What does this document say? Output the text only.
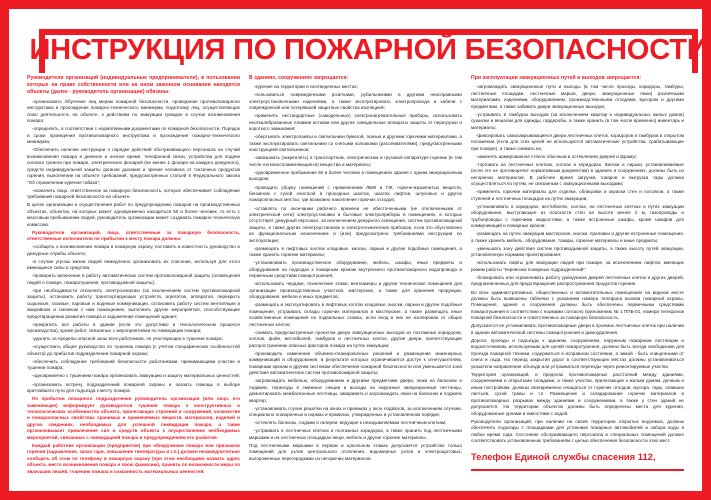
ИНСТРУКЦИЯ ПО ПОЖАРНОЙ БЕЗОПАСНОСТИ
Руководители организаций (индивидуальные предприниматели), в пользовании которых на праве собственности или на ином законном основании находятся объекты (далее - руководитель организации) обязаны:

-организовать Обучение лиц мерам пожарной безопасности, проведение противопожарного инструктажа и прохождение пожарно-технического минимума, подготовку лиц, осуществляющих свою деятельность на объекте, к действиям по эвакуации граждан в случае возникновения пожара;

-определить, в соответствии с нормативными документами по пожарной безопасности, Порядок и сроки проведения противопожарного инструктажа и прохождения пожарно-технического минимума;

-Обеспечить наличие инструкции о порядке действий обслуживающего персонала на случай возникновения пожара в дневное и ночное время, телефонной связи, устройства для подачи сигнала тревоги при пожаре, электрических фонарей (не менее 1 фонаря на каждого дежурного), средств индивидуальной защиты органов дыхания и зрения человека от токсичных продуктов горения, выполнение на объекте требований, предусмотренных статьей 6 Федерального закона "Об ограничении курения табака";

-назначить лицо, ответственное за пожарную безопасность, которое обеспечивает соблюдение требований пожарной безопасности на объекте.

В целях организации и осуществления работ по предупреждению пожаров на производственных объектах, объектах, на которых может одновременно находиться 50 и более человек, то есть с массовым пребыванием людей, руководитель организации может создавать пожарно-техническую комиссию.

Руководители организаций, лица, ответственные за пожарную безопасность, ответственные исполнители по прибытии к месту пожара должны:

-сообщить о возникновении пожара в пожарную охрану, поставить в известность руководство и дежурные службы объекта;

-в случае угрозы жизни людей немедленно организовать их спасение, используя для этого имеющиеся силы и средства;

-проверить включение в работу автоматических систем противопожарной защиты (оповещения людей о пожаре, пожаротушения, противодымной защиты);

-при необходимости отключить электроэнергию (за исключением систем противопожарной защиты), остановить работу транспортирующих устройств, агрегатов, аппаратов, перекрыть сырьевые, газовые, паровые и водяные коммуникации, остановить работу систем вентиляции в аварийном и смежном с ним помещениях, выполнить другие мероприятия, способствующие предотвращению развития пожара и задымления помещений здания;

-прекратить все работы в здании (если это допустимо в технологическом процессе производства), кроме работ, связанных с мероприятиями по ликвидации пожара;

-удалить за пределы опасной зоны всех работников, не участвующих в тушении пожара;

-осуществить общее руководство по тушению пожара (с учетом специфических особенностей объекта) до прибытия подразделения пожарной охраны;

-обеспечить соблюдение требований безопасности работниками, принимающими участие в тушении пожара;

-одновременно с тушением пожара организовать эвакуацию и защиту материальных ценностей;

-организовать встречу подразделений пожарной охраны и оказать помощь в выборе кратчайшего пути для подъезда к месту пожара.

По прибытии пожарного подразделения руководитель организации (или лицо, его заменяющее) информирует руководителя тушения пожара о конструктивных и технологических особенностях объекта, прилегающих строений и сооружений, количестве и пожароопасных свойствах хранимых и применяемых веществ, материалов, изделий и других сведениях, необходимых для успешной ликвидации пожара, а также организовывает привлечение сил и средств объекта к осуществлению необходимых мероприятий, связанных с ликвидацией пожара и предупреждением его развития.

Каждый работник организации (предприятия) при обнаружении пожара или признаков горения (задымление, запах гари, повышение температуры и т.п.) должен незамедлительно сообщить об этом по телефону в пожарную охрану (при этом необходимо назвать адрес объекта, место возникновения пожара и свою фамилию), принять по возможности меры по эвакуации людей, тушению пожара и сохранность материальных ценностей.

В зданиях, сооружениях запрещается:

-курение на территории в неотведенных местах;

-пользоваться поврежденными розетками, рубильниками и другими неисправными электроустановочными изделиями, а также эксплуатировать электропровода и кабели с поврежденной или потерявшей защитные свойства изоляцией;

-применять нестандартные (самодельные) электронагревательные приборы, использовать неоткалиброванные плавкие вставки или другие самодельные аппараты защиты от перегрузки и короткого замыкания;

-обертывать электролампы и светильники бумагой, тканью и другими горючими материалами, а также эксплуатировать светильники со снятыми колпаками (рассеивателями), предусмотренными конструкцией светильников;

-завязывать (закреплять) в транспортном, электрическом и грузовой аппаратуре горение (в том числе легковоспламеняющиеся) вещества и материалы;

-одновременное пребывание 50 и более человек в помещениях здания с одним эвакуационным выходом;

-проводить уборку помещений с применением ЛВЖ и ГЖ, горюче-взрывчатых веществ, бензином с сухой очисткой в проходных шахтах, шахтах лифтов, шлуховых и других пожароопасных местах, где возможно накопление горючих отходов;

-оставлять по окончании рабочего времени не обесточенными (не отключенными от электрической сети) электроустановки и бытовые электроприборы в помещениях, в которых отсутствует дежурный персонал, за исключением дежурного освещения, систем противопожарной защиты, а также других электроустановок и электротехнических приборов, если это обусловлено их функциональным назначением и (или) предусмотрено требованиями инструкции по эксплуатации;

-размещать в лифтовых холлах кладовые, киоски, ларьки и другие подобные помещения, а также хранить горючие материалы;

-устанавливать производственное оборудование, мебель, шкафы, иные предметы и оборудование на подходах к пожарным кранам внутреннего противопожарного водопровода и первичным средствам пожаротушения;

-использовать чердаки, технические этажи, венткамеры и другие технические помещения для организации производственных участков, мастерских, а также для хранения продукции, оборудования, мебели и иных предметов;

-размещать и эксплуатировать в лифтовых холлах кладовые, киоски, ларьки и другие подобные помещения, устраивать склады горючих материалов и мастерские, а также размещать иные хозяйственные помещения на подвальных этажах, если вход в них не изолирован от общих лестничных клеток;

-снимать предусмотренные проектом двери эвакуационных выходов из поэтажных коридоров, холлов, фойе, вестибюлей, тамбуров и лестничных клеток, другие двери, препятствующие распространению опасных факторов пожара на путях эвакуации;

-производить изменение объемно-планировочных решений и размещение инженерных коммуникаций и оборудования, в результате которых ограничивается доступ к огнетушителям, пожарным кранам и другим системам обеспечения пожарной безопасности или уменьшается зона действия автоматических систем противопожарной защиты;

-загромождать мебелью, оборудованием и другими предметами двери, люки на балконах и лоджиях, переходы в смежные секции и выходы на наружные эвакуационные лестницы, демонтировать межбалконные лестницы, заваривать и загромождать люки на балконах и лоджиях квартир;

-устанавливать глухие решетки на окнах и приямках у окон подвалов, за исключением случаев, специально оговоренных в нормах и правилах, утвержденных в установленном порядке;

-остеклять балконы, лоджии и галереи, ведущие к незадымляемым лестничным клеткам;

-устраивать в лестничных клетках и поэтажных коридорах, а также хранить под лестничными маршами и на лестничных площадках вещи, мебель и другие горючие материалы.

Под лестничными маршами в первом и цокольном этажах допускается устройство только помещений для узлов центрального отопления, водомерных узлов и электрощитовых, выгороженных перегородками из негорючих материалов.

При эксплуатации эвакуационных путей и выходов запрещается:

-загромождать эвакуационные пути и выходы (в том числе проходы, коридоры, тамбуры, лестничные площадки, лестничные марши, двери, эвакуационные люки) различными материалами, изделиями, оборудованием, производственными отходами, мусором и другими предметами, а также забивать двери эвакуационных выходов;

-устраивать в тамбурах выходов (за исключением квартир и индивидуальных жилых домов) сушилки и вешалки для одежды, гардеробы, а также хранить (в том числе временно) инвентарь и материалы;

-фиксировать самозакрывающиеся двери лестничных клеток, коридоров и тамбуров в открытом положении (если для этих целей не используются автоматические устройства, срабатывающие при пожаре), а также снимать их;

-заменять армированное стекло обычным в остеклениях дверей и фрамуг;

-торговать на лестничных клетках, холлах и коридорах. Киоски и ларьки, устанавливаемые (если это не противоречит нормативным документам) в зданиях и сооружениях, должны быть из негорючих материалов. В рабочее время загрузка товаров и выгрузка тары должна осуществляться по путям, не связанным с эвакуационными выходами;

-применять горючие материалы для отделки, облицовки и окраски стен и потолков, а также ступеней и лестничных площадок на путях эвакуации;

-устанавливать в коридорах, вестибюлях, холлах, на лестничных клетках и путях эвакуации оборудование, выступающее из плоскости стен на высоте менее 2 м, газопроводы и трубопроводы с горючими жидкостями, а также встроенные шкафы, кроме шкафов для коммуникаций и пожарных кранов;

-размещать на путях эвакуации мастерские, киоски, прилавки и другие встроенные помещения, а также хранить мебель, оборудование, товары, горючие материалы и иные предметы;

-уменьшать зону действия систем противодымной защиты, а также высоту путей эвакуации, установленную нормами проектирования;

-использовать лифты для эвакуации людей при пожаре, за исключением лифтов, имеющих режим работы "перевозка пожарных подразделений";

-блокировать или ограничивать работу доводчиков дверей лестничных клеток и других дверей, предназначенных для предотвращения распространения продуктов горения.

Во всех административных, общественных и вспомогательных помещениях на видном месте должны быть вывешены таблички с указанием номера телефона вызова пожарной охраны. Помещения, здания и сооружения должны быть обеспечены первичными средствами пожаротушения в соответствии с нормами согласно приложению № 1 ППБ-01, номера телефонов пожарной безопасности и ответственных за пожарную безопасность.

Допускается не устанавливать противопожарные двери в проемах лестничных клеток при наличии в здании автоматической системы пожаротушения и дымоудаления.

Дороги, проезды и подъезды к зданиям, сооружениям, наружным пожарным лестницам и водоисточникам, используемым для целей пожаротушения, должны быть всегда свободными для проезда пожарной техники, содержаться в исправном состоянии, а зимой - быть очищенными от снега и льда. На период закрытия дорог в соответствующих местах должны устанавливаться указатели направления объезда или устраиваться переезды через ремонтируемые участки.

Территория организаций, в пределах противопожарных расстояний между зданиями, сооружениями и открытыми складами, а также участки, прилегающие к жилым домам, дачным и иным постройкам, должны своевременно очищаться от горючих отходов, мусора, тары, опавших листьев, сухой травы и т.п. Размещение и складирование горючих материалов в противопожарных разрывах между зданиями и сооружениями, а также у стен зданий не допускается. На территории объектов должны быть определены места для курения, оборудованные урнами и емкостями с водой.

Руководители организаций, при наличии на своей территории открытых водоемов, должны обеспечить подъезды с площадками для установки пожарных автомобилей и забора воды в любое время года. Состояние обслуживающего персонала и специальных помещений должно соответствовать установленным требованиям с целью обеспечения безопасности этих мест.

Телефон Единой службы спасения 112,
